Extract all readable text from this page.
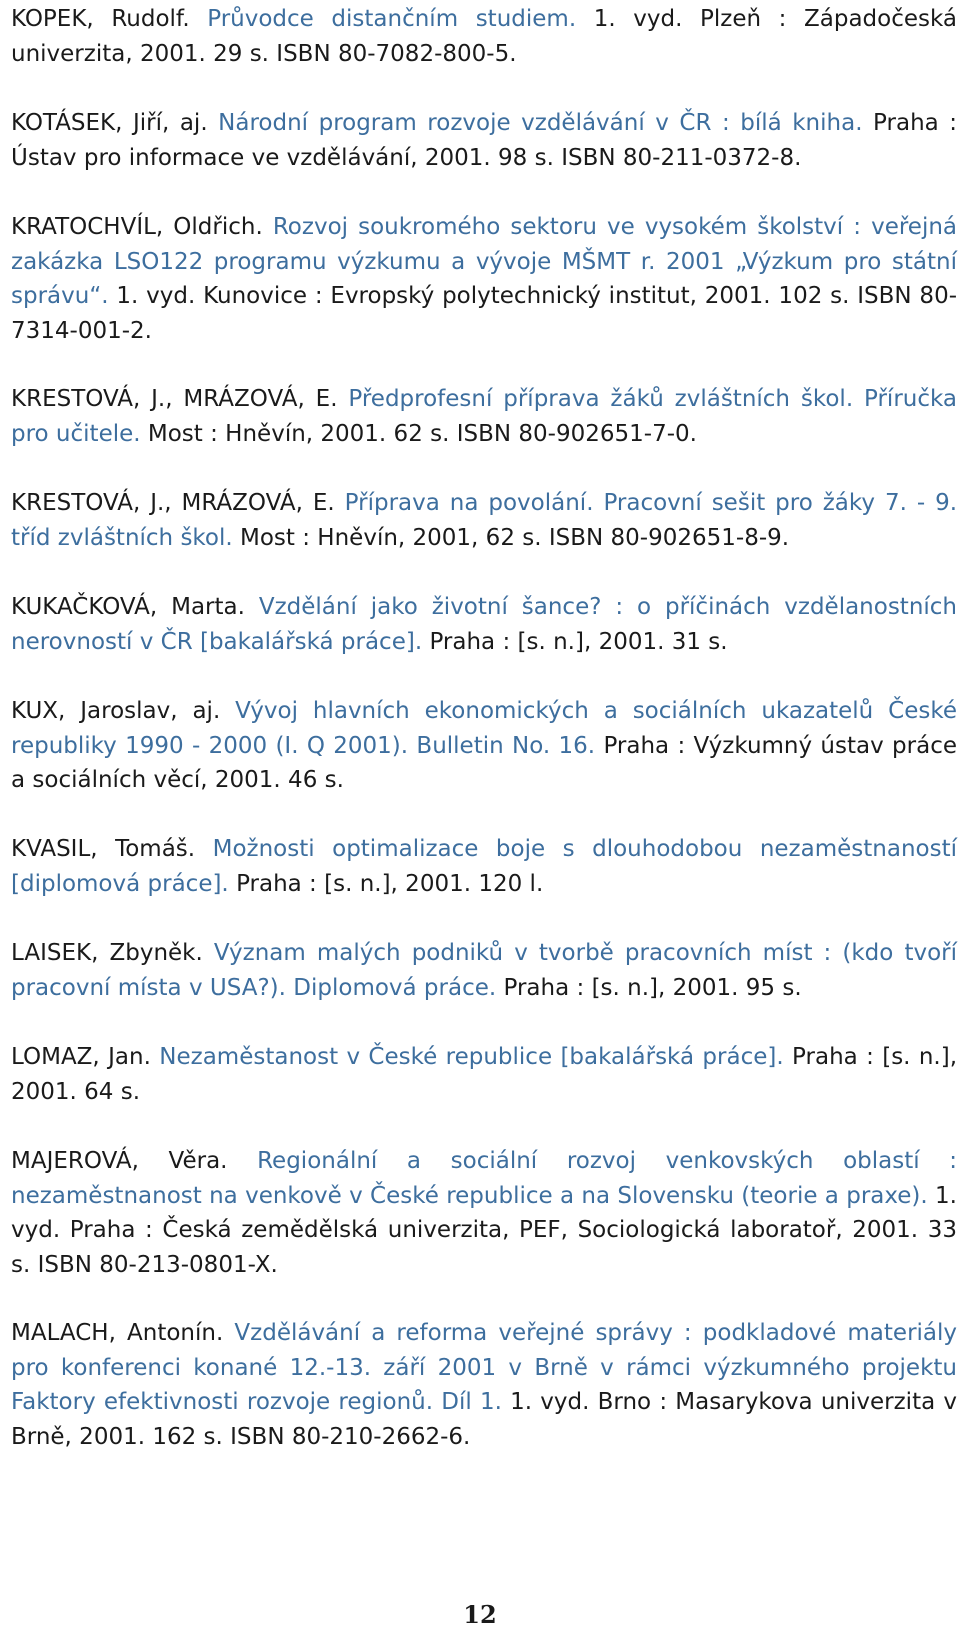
KOPEK, Rudolf. Průvodce distančním studiem. 1. vyd. Plzeň : Západočeská univerzita, 2001. 29 s. ISBN 80-7082-800-5.

KOTÁSEK, Jiří, aj. Národní program rozvoje vzdělávání v ČR : bílá kniha. Praha : Ústav pro informace ve vzdělávání, 2001. 98 s. ISBN 80-211-0372-8.

KRATOCHVÍL, Oldřich. Rozvoj soukromého sektoru ve vysokém školství : veřejná zakázka LSO122 programu výzkumu a vývoje MŠMT r. 2001 „Výzkum pro státní správu“. 1. vyd. Kunovice : Evropský polytechnický institut, 2001. 102 s. ISBN 80-7314-001-2.

KRESTOVÁ, J., MRÁZOVÁ, E. Předprofesní příprava žáků zvláštních škol. Příručka pro učitele. Most : Hněvín, 2001. 62 s. ISBN 80-902651-7-0.

KRESTOVÁ, J., MRÁZOVÁ, E. Příprava na povolání. Pracovní sešit pro žáky 7. - 9. tříd zvláštních škol. Most : Hněvín, 2001, 62 s. ISBN 80-902651-8-9.

KUKAČKOVÁ, Marta. Vzdělání jako životní šance? : o příčinách vzdělanostních nerovností v ČR [bakalářská práce]. Praha : [s. n.], 2001. 31 s.

KUX, Jaroslav, aj. Vývoj hlavních ekonomických a sociálních ukazatelů České republiky 1990 - 2000 (I. Q 2001). Bulletin No. 16. Praha : Výzkumný ústav práce a sociálních věcí, 2001. 46 s.

KVASIL, Tomáš. Možnosti optimalizace boje s dlouhodobou nezaměstnaností [diplomová práce]. Praha : [s. n.], 2001. 120 l.

LAISEK, Zbyněk. Význam malých podniků v tvorbě pracovních míst : (kdo tvoří pracovní místa v USA?). Diplomová práce. Praha : [s. n.], 2001. 95 s.

LOMAZ, Jan. Nezaměstanost v České republice [bakalářská práce]. Praha : [s. n.], 2001. 64 s.

MAJEROVÁ, Věra. Regionální a sociální rozvoj venkovských oblastí : nezaměstnanost na venkově v České republice a na Slovensku (teorie a praxe). 1. vyd. Praha : Česká zemědělská univerzita, PEF, Sociologická laboratoř, 2001. 33 s. ISBN 80-213-0801-X.

MALACH, Antonín. Vzdělávání a reforma veřejné správy : podkladové materiály pro konferenci konané 12.-13. září 2001 v Brně v rámci výzkumného projektu Faktory efektivnosti rozvoje regionů. Díl 1. 1. vyd. Brno : Masarykova univerzita v Brně, 2001. 162 s. ISBN 80-210-2662-6.

12
